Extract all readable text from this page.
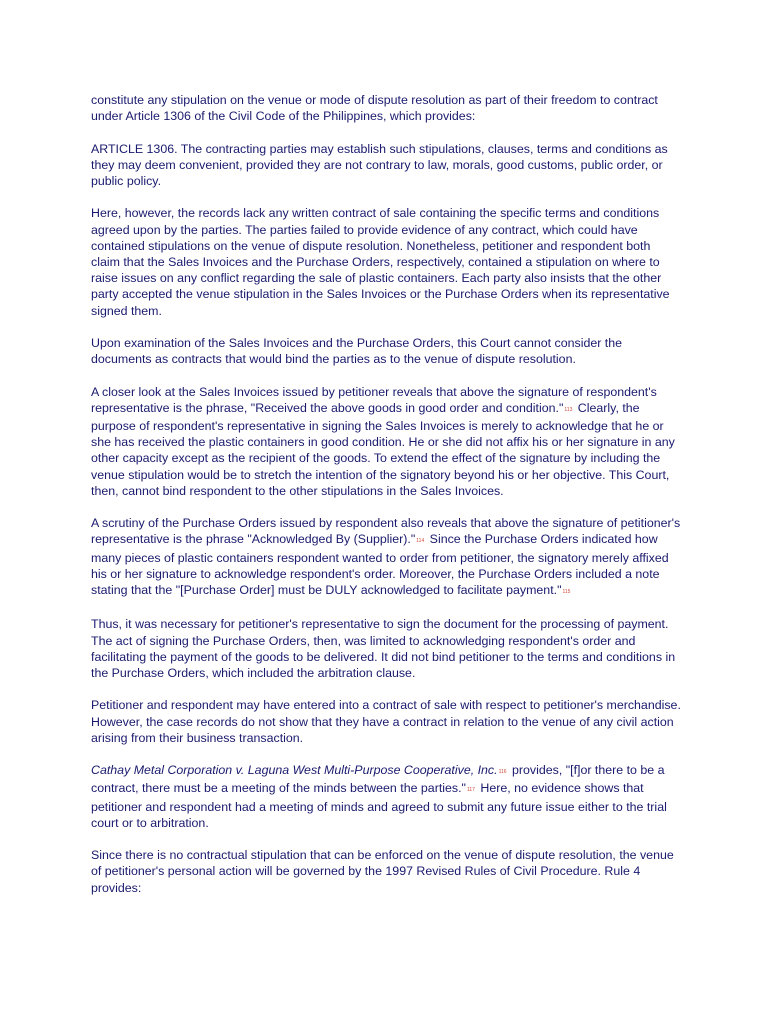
constitute any stipulation on the venue or mode of dispute resolution as part of their freedom to contract under Article 1306 of the Civil Code of the Philippines, which provides:

ARTICLE 1306. The contracting parties may establish such stipulations, clauses, terms and conditions as they may deem convenient, provided they are not contrary to law, morals, good customs, public order, or public policy.

Here, however, the records lack any written contract of sale containing the specific terms and conditions agreed upon by the parties. The parties failed to provide evidence of any contract, which could have contained stipulations on the venue of dispute resolution. Nonetheless, petitioner and respondent both claim that the Sales Invoices and the Purchase Orders, respectively, contained a stipulation on where to raise issues on any conflict regarding the sale of plastic containers. Each party also insists that the other party accepted the venue stipulation in the Sales Invoices or the Purchase Orders when its representative signed them.

Upon examination of the Sales Invoices and the Purchase Orders, this Court cannot consider the documents as contracts that would bind the parties as to the venue of dispute resolution.

A closer look at the Sales Invoices issued by petitioner reveals that above the signature of respondent's representative is the phrase, "Received the above goods in good order and condition."$^{113}$ Clearly, the purpose of respondent's representative in signing the Sales Invoices is merely to acknowledge that he or she has received the plastic containers in good condition. He or she did not affix his or her signature in any other capacity except as the recipient of the goods. To extend the effect of the signature by including the venue stipulation would be to stretch the intention of the signatory beyond his or her objective. This Court, then, cannot bind respondent to the other stipulations in the Sales Invoices.

A scrutiny of the Purchase Orders issued by respondent also reveals that above the signature of petitioner's representative is the phrase "Acknowledged By (Supplier)."$^{114}$ Since the Purchase Orders indicated how many pieces of plastic containers respondent wanted to order from petitioner, the signatory merely affixed his or her signature to acknowledge respondent's order. Moreover, the Purchase Orders included a note stating that the "[Purchase Order] must be DULY acknowledged to facilitate payment."$^{115}$

Thus, it was necessary for petitioner's representative to sign the document for the processing of payment. The act of signing the Purchase Orders, then, was limited to acknowledging respondent's order and facilitating the payment of the goods to be delivered. It did not bind petitioner to the terms and conditions in the Purchase Orders, which included the arbitration clause.

Petitioner and respondent may have entered into a contract of sale with respect to petitioner's merchandise. However, the case records do not show that they have a contract in relation to the venue of any civil action arising from their business transaction.

Cathay Metal Corporation v. Laguna West Multi-Purpose Cooperative, Inc.$^{116}$ provides, "[f]or there to be a contract, there must be a meeting of the minds between the parties."$^{117}$ Here, no evidence shows that petitioner and respondent had a meeting of minds and agreed to submit any future issue either to the trial court or to arbitration.

Since there is no contractual stipulation that can be enforced on the venue of dispute resolution, the venue of petitioner's personal action will be governed by the 1997 Revised Rules of Civil Procedure. Rule 4 provides:
